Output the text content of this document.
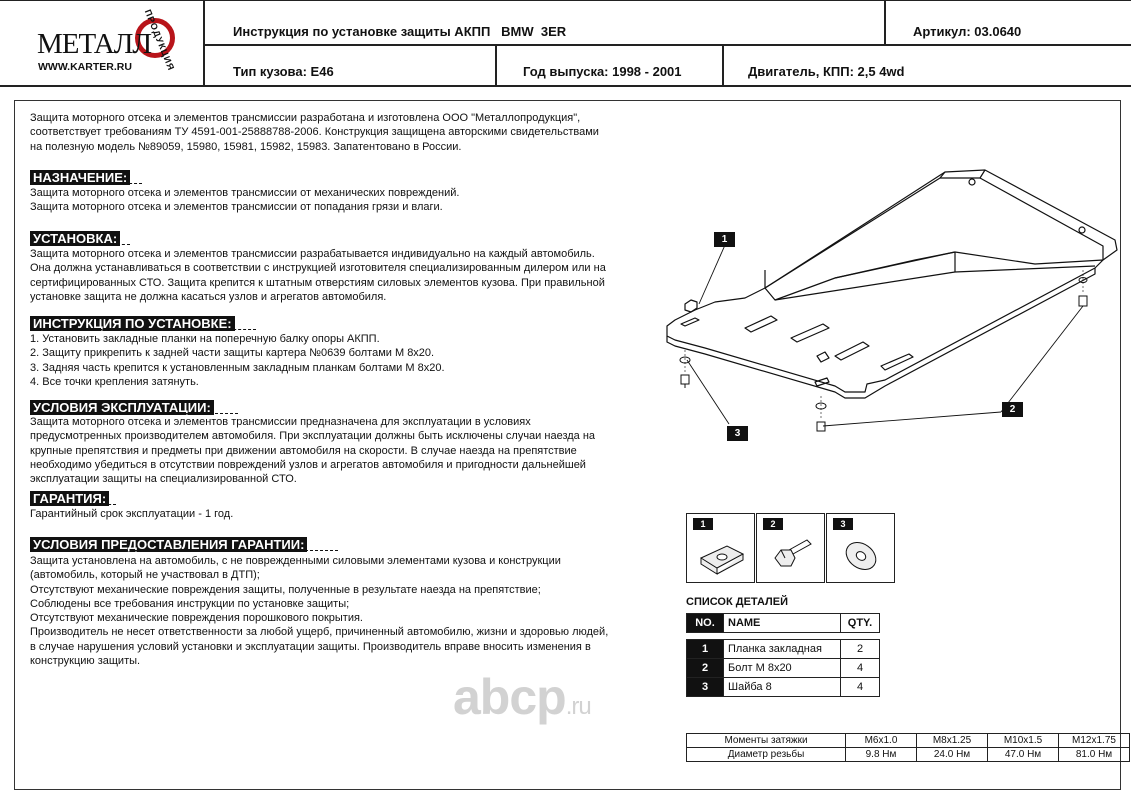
МЕТАЛЛ
ПРОДУКЦИЯ
WWW.KARTER.RU
Инструкция по установке защиты АКПП   BMW  3ER	Артикул: 03.0640
Тип кузова: E46	Год выпуска: 1998 - 2001	Двигатель, КПП: 2,5 4wd
Защита моторного отсека и элементов трансмиссии разработана и изготовлена ООО "Металлопродукция",
соответствует требованиям ТУ 4591-001-25888788-2006. Конструкция защищена авторскими свидетельствами
на полезную модель №89059, 15980, 15981, 15982, 15983. Запатентовано в России.
НАЗНАЧЕНИЕ:
Защита моторного отсека и элементов трансмиссии от механических повреждений.
Защита моторного отсека и элементов трансмиссии от попадания грязи и влаги.
УСТАНОВКА:
Защита моторного отсека и элементов трансмиссии разрабатывается индивидуально на каждый автомобиль.
Она должна устанавливаться в соответствии с инструкцией изготовителя специализированным дилером или на
сертифицированных СТО. Защита крепится к штатным отверстиям силовых элементов кузова. При правильной
установке защита не должна касаться узлов и агрегатов автомобиля.
ИНСТРУКЦИЯ ПО УСТАНОВКЕ:
1. Установить закладные планки на поперечную балку опоры АКПП.
2. Защиту прикрепить к задней части защиты картера №0639 болтами М 8х20.
3. Задняя часть крепится к установленным закладным планкам болтами М 8х20.
4. Все точки крепления затянуть.
УСЛОВИЯ ЭКСПЛУАТАЦИИ:
Защита моторного отсека и элементов трансмиссии предназначена для эксплуатации в условиях
предусмотренных производителем автомобиля. При эксплуатации должны быть исключены случаи наезда на
крупные препятствия и предметы при движении автомобиля на скорости. В случае наезда на препятствие
необходимо убедиться в отсутствии повреждений узлов и агрегатов автомобиля и пригодности дальнейшей
эксплуатации защиты на специализированной СТО.
ГАРАНТИЯ:
Гарантийный срок эксплуатации - 1 год.
УСЛОВИЯ ПРЕДОСТАВЛЕНИЯ ГАРАНТИИ:
Защита установлена на автомобиль, с не поврежденными силовыми элементами кузова и конструкции
(автомобиль, который не участвовал в ДТП);
Отсутствуют механические повреждения защиты, полученные в результате наезда на препятствие;
Соблюдены все требования инструкции по установке защиты;
Отсутствуют механические повреждения порошкового покрытия.
Производитель не несет ответственности за любой ущерб, причиненный автомобилю, жизни и здоровью людей,
в случае нарушения условий установки и эксплуатации защиты. Производитель вправе вносить изменения в
конструкцию защиты.
1
2
3
1	2	3
СПИСОК ДЕТАЛЕЙ
NO.	NAME	QTY.

1	Планка закладная	2
2	Болт М 8х20	4
3	Шайба 8	4
abcp.ru
Моменты затяжки	M6x1.0	M8x1.25	M10x1.5	M12x1.75
Диаметр резьбы	9.8 Нм	24.0 Нм	47.0 Нм	81.0 Нм
